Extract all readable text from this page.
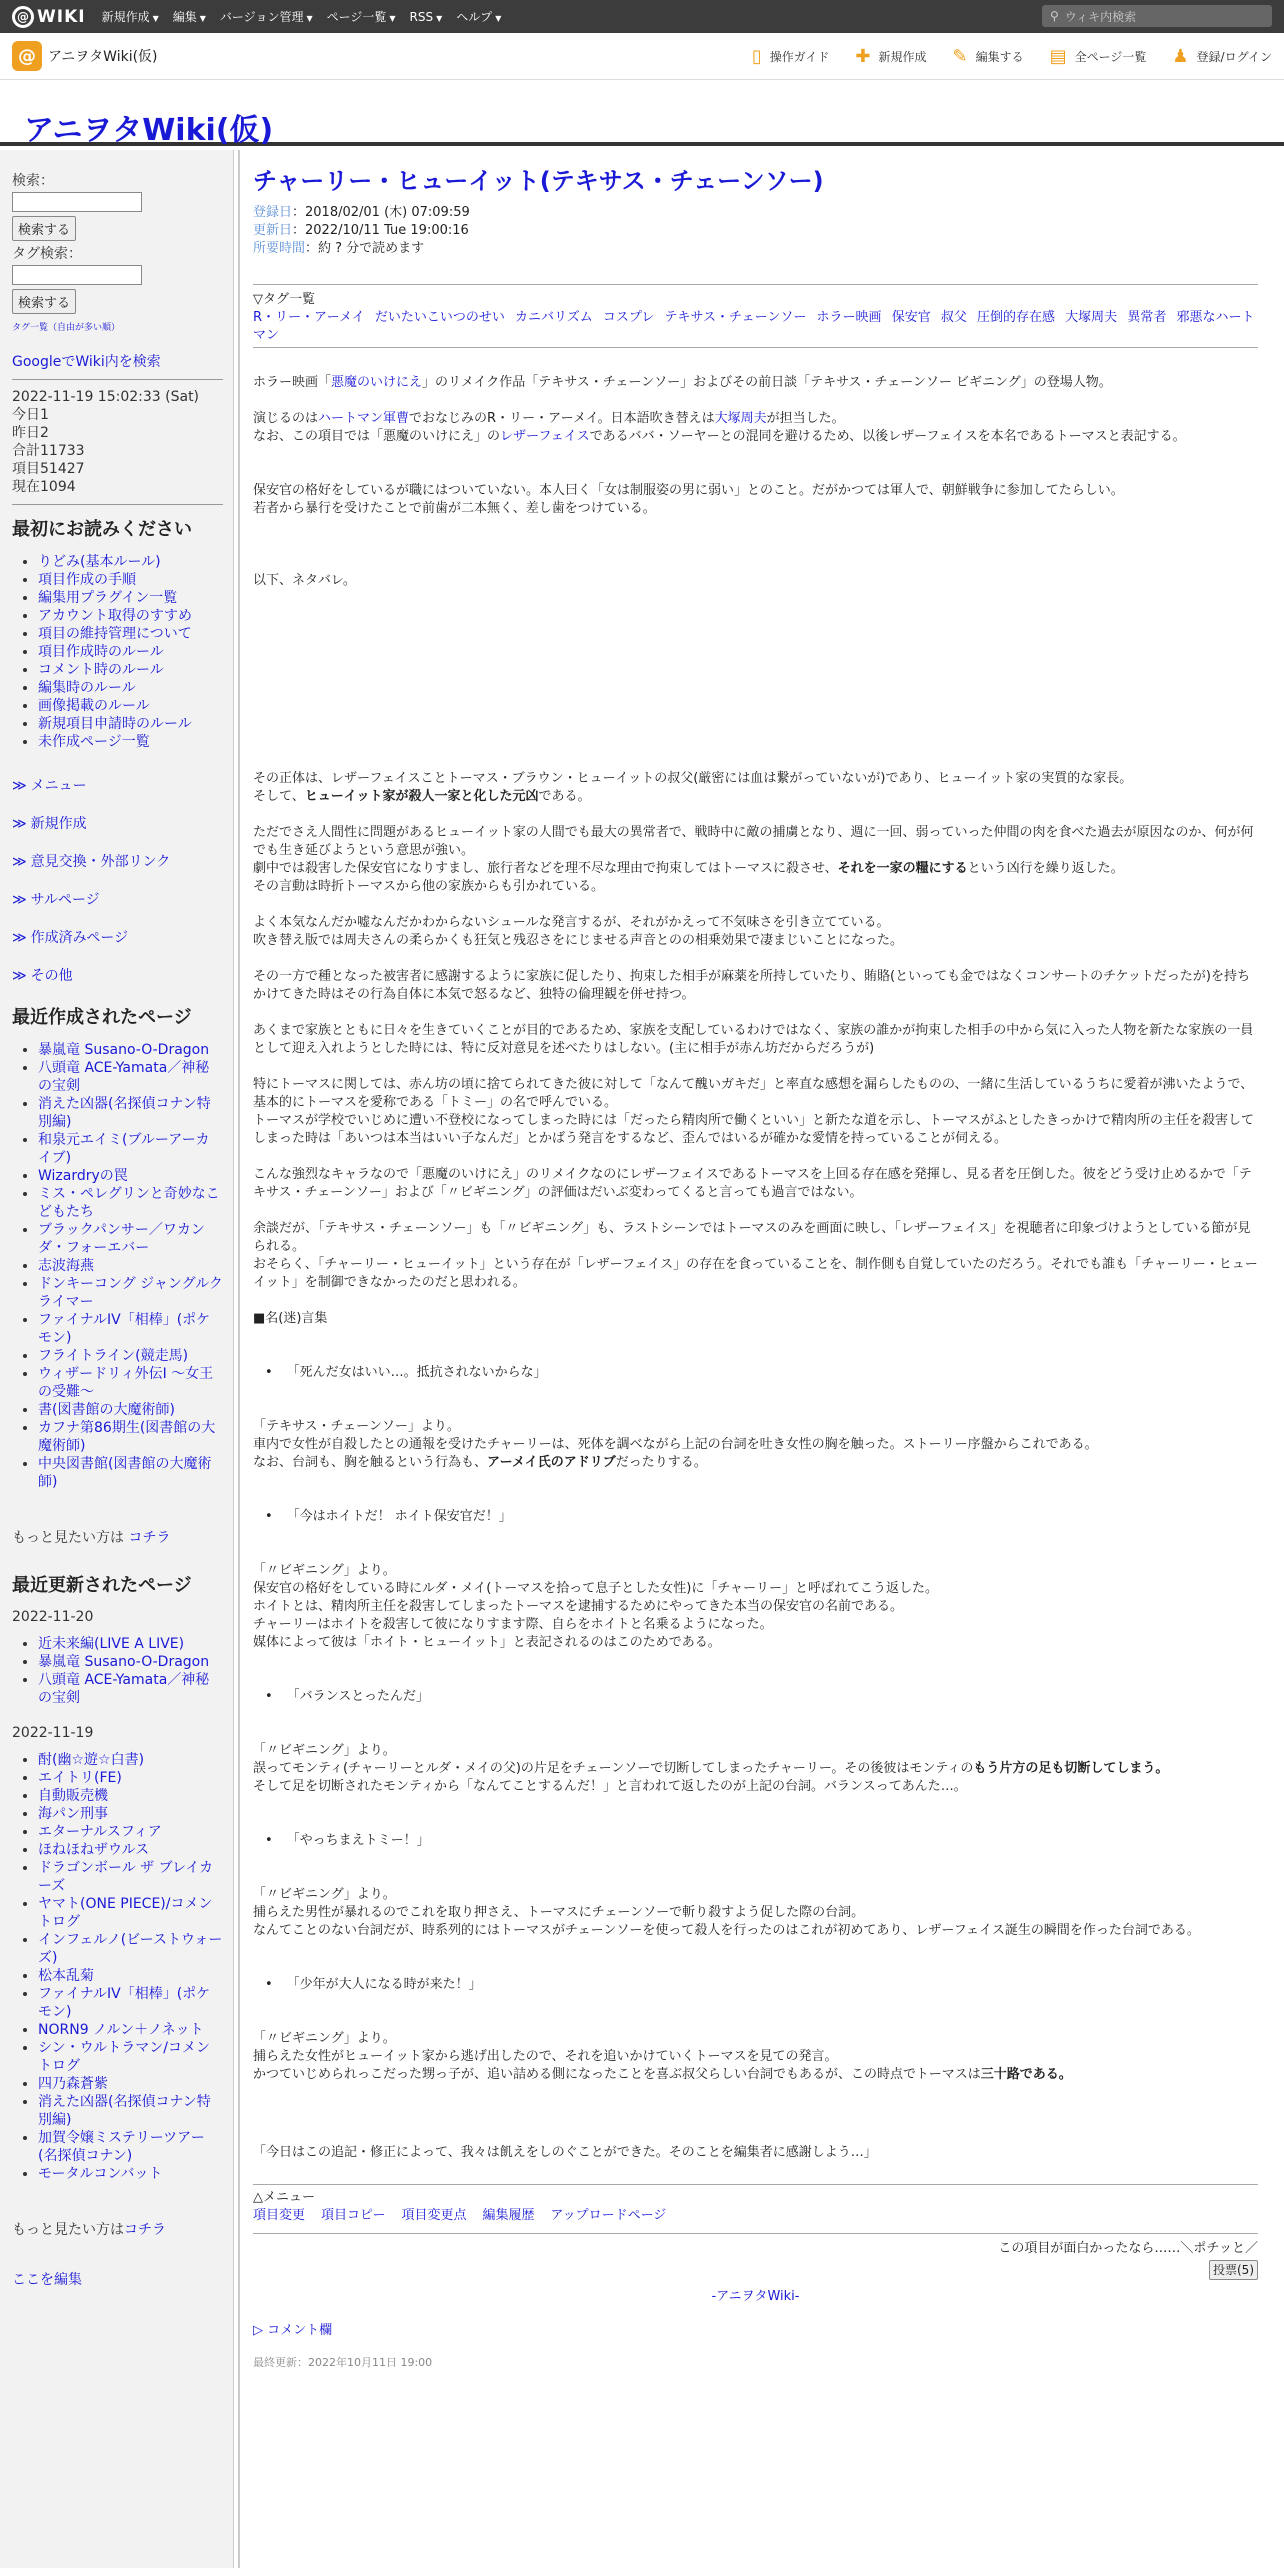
@ WIKI 新規作成 ▼ 編集 ▼ バージョン管理 ▼ ページ一覧 ▼ RSS ▼ ヘルプ ▼	⚲ ウィキ内検索
@ アニヲタWiki(仮)	▯ 操作ガイド ✚ 新規作成 ✎ 編集する ▤ 全ページ一覧 ♟ 登録/ログイン
アニヲタWiki(仮)
検索：
検索する
タグ検索：
検索する
タグ一覧（自由が多い順）
GoogleでWiki内を検索
2022-11-19 15:02:33 (Sat)
今日1
昨日2
合計11733
項目51427
現在1094
最初にお読みください
• りどみ(基本ルール)
• 項目作成の手順
• 編集用プラグイン一覧
• アカウント取得のすすめ
• 項目の維持管理について
• 項目作成時のルール
• コメント時のルール
• 編集時のルール
• 画像掲載のルール
• 新規項目申請時のルール
• 未作成ページ一覧
≫ メニュー
≫ 新規作成
≫ 意見交換・外部リンク
≫ サルページ
≫ 作成済みページ
≫ その他
最近作成されたページ
• 暴嵐竜 Susano-O-Dragon
• 八頭竜 ACE-Yamata／神秘の宝剣
• 消えた凶器(名探偵コナン特別編)
• 和泉元エイミ(ブルーアーカイブ)
• Wizardryの罠
• ミス・ペレグリンと奇妙なこどもたち
• ブラックパンサー／ワカンダ・フォーエバー
• 志波海燕
• ドンキーコング ジャングルクライマー
• ファイナルIV「相棒」(ポケモン)
• フライトライン(競走馬)
• ウィザードリィ外伝I ～女王の受難～
• 書(図書館の大魔術師)
• カフナ第86期生(図書館の大魔術師)
• 中央図書館(図書館の大魔術師)
もっと見たい方は コチラ
最近更新されたページ
2022-11-20
• 近未来編(LIVE A LIVE)
• 暴嵐竜 Susano-O-Dragon
• 八頭竜 ACE-Yamata／神秘の宝剣
2022-11-19
• 酎(幽☆遊☆白書)
• エイトリ(FE)
• 自動販売機
• 海パン刑事
• エターナルスフィア
• ほねほねザウルス
• ドラゴンボール ザ ブレイカーズ
• ヤマト(ONE PIECE)/コメントログ
• インフェルノ(ビーストウォーズ)
• 松本乱菊
• ファイナルIV「相棒」(ポケモン)
• NORN9 ノルン＋ノネット
• シン・ウルトラマン/コメントログ
• 四乃森蒼紫
• 消えた凶器(名探偵コナン特別編)
• 加賀令嬢ミステリーツアー(名探偵コナン)
• モータルコンバット
もっと見たい方はコチラ
ここを編集
チャーリー・ヒューイット(テキサス・チェーンソー)
登録日：2018/02/01 (木) 07:09:59
更新日：2022/10/11 Tue 19:00:16
所要時間：約 ? 分で読めます
▽タグ一覧
R・リー・アーメイ だいたいこいつのせい カニバリズム コスプレ テキサス・チェーンソー ホラー映画 保安官 叔父 圧倒的存在感 大塚周夫 異常者 邪悪なハートマン

ホラー映画「悪魔のいけにえ」のリメイク作品「テキサス・チェーンソー」およびその前日談「テキサス・チェーンソー ビギニング」の登場人物。

演じるのはハートマン軍曹でおなじみのR・リー・アーメイ。日本語吹き替えは大塚周夫が担当した。

なお、この項目では「悪魔のいけにえ」のレザーフェイスであるババ・ソーヤーとの混同を避けるため、以後レザーフェイスを本名であるトーマスと表記する。

保安官の格好をしているが職にはついていない。本人曰く「女は制服姿の男に弱い」とのこと。だがかつては軍人で、朝鮮戦争に参加してたらしい。

若者から暴行を受けたことで前歯が二本無く、差し歯をつけている。

以下、ネタバレ。

その正体は、レザーフェイスことトーマス・ブラウン・ヒューイットの叔父(厳密には血は繋がっていないが)であり、ヒューイット家の実質的な家長。

そして、ヒューイット家が殺人一家と化した元凶である。

ただでさえ人間性に問題があるヒューイット家の人間でも最大の異常者で、戦時中に敵の捕虜となり、週に一回、弱っていった仲間の肉を食べた過去が原因なのか、何が何でも生き延びようという意思が強い。

劇中では殺害した保安官になりすまし、旅行者などを理不尽な理由で拘束してはトーマスに殺させ、それを一家の糧にするという凶行を繰り返した。

その言動は時折トーマスから他の家族からも引かれている。

よく本気なんだか嘘なんだかわからないシュールな発言するが、それがかえって不気味さを引き立てている。

吹き替え版では周夫さんの柔らかくも狂気と残忍さをにじませる声音とのの相乗効果で凄まじいことになった。

その一方で種となった被害者に感謝するように家族に促したり、拘束した相手が麻薬を所持していたり、賄賂(といっても金ではなくコンサートのチケットだったが)を持ちかけてきた時はその行為自体に本気で怒るなど、独特の倫理観を併せ持つ。

あくまで家族とともに日々を生きていくことが目的であるため、家族を支配しているわけではなく、家族の誰かが拘束した相手の中から気に入った人物を新たな家族の一員として迎え入れようとした時には、特に反対意見を述べたりはしない。(主に相手が赤ん坊だからだろうが)

特にトーマスに関しては、赤ん坊の頃に捨てられてきた彼に対して「なんて醜いガキだ」と率直な感想を漏らしたものの、一緒に生活しているうちに愛着が沸いたようで、基本的にトーマスを愛称である「トミー」の名で呼んでいる。

トーマスが学校でいじめに遭い不登校になってしまった時には「だったら精肉所で働くといい」と新たな道を示し、トーマスがふとしたきっかけで精肉所の主任を殺害してしまった時は「あいつは本当はいい子なんだ」とかばう発言をするなど、歪んではいるが確かな愛情を持っていることが伺える。

こんな強烈なキャラなので「悪魔のいけにえ」のリメイクなのにレザーフェイスであるトーマスを上回る存在感を発揮し、見る者を圧倒した。彼をどう受け止めるかで「テキサス・チェーンソー」および「〃ビギニング」の評価はだいぶ変わってくると言っても過言ではない。

余談だが、「テキサス・チェーンソー」も「〃ビギニング」も、ラストシーンではトーマスのみを画面に映し、「レザーフェイス」を視聴者に印象づけようとしている節が見られる。

おそらく、「チャーリー・ヒューイット」という存在が「レザーフェイス」の存在を食っていることを、制作側も自覚していたのだろう。それでも誰も「チャーリー・ヒューイット」を制御できなかったのだと思われる。

■名(迷)言集

• 「死んだ女はいい…。抵抗されないからな」

「テキサス・チェーンソー」より。

車内で女性が自殺したとの通報を受けたチャーリーは、死体を調べながら上記の台詞を吐き女性の胸を触った。ストーリー序盤からこれである。

なお、台詞も、胸を触るという行為も、アーメイ氏のアドリブだったりする。

• 「今はホイトだ！ ホイト保安官だ！」

「〃ビギニング」より。

保安官の格好をしている時にルダ・メイ(トーマスを拾って息子とした女性)に「チャーリー」と呼ばれてこう返した。

ホイトとは、精肉所主任を殺害してしまったトーマスを逮捕するためにやってきた本当の保安官の名前である。

チャーリーはホイトを殺害して彼になりすます際、自らをホイトと名乗るようになった。

媒体によって彼は「ホイト・ヒューイット」と表記されるのはこのためである。

• 「バランスとったんだ」

「〃ビギニング」より。

誤ってモンティ(チャーリーとルダ・メイの父)の片足をチェーンソーで切断してしまったチャーリー。その後彼はモンティのもう片方の足も切断してしまう。

そして足を切断されたモンティから「なんてことするんだ！」と言われて返したのが上記の台詞。バランスってあんた…。

• 「やっちまえトミー！」

「〃ビギニング」より。

捕らえた男性が暴れるのでこれを取り押さえ、トーマスにチェーンソーで斬り殺すよう促した際の台詞。

なんてことのない台詞だが、時系列的にはトーマスがチェーンソーを使って殺人を行ったのはこれが初めてあり、レザーフェイス誕生の瞬間を作った台詞である。

• 「少年が大人になる時が来た！」

「〃ビギニング」より。

捕らえた女性がヒューイット家から逃げ出したので、それを追いかけていくトーマスを見ての発言。

かつていじめられっこだった甥っ子が、追い詰める側になったことを喜ぶ叔父らしい台詞でもあるが、この時点でトーマスは三十路である。

「今日はこの追記・修正によって、我々は飢えをしのぐことができた。そのことを編集者に感謝しよう…」

△メニュー
項目変更 項目コピー 項目変更点 編集履歴 アップロードページ
この項目が面白かったなら……＼ポチッと／
投票(5)
-アニヲタWiki-
▷ コメント欄
最終更新：2022年10月11日 19:00
